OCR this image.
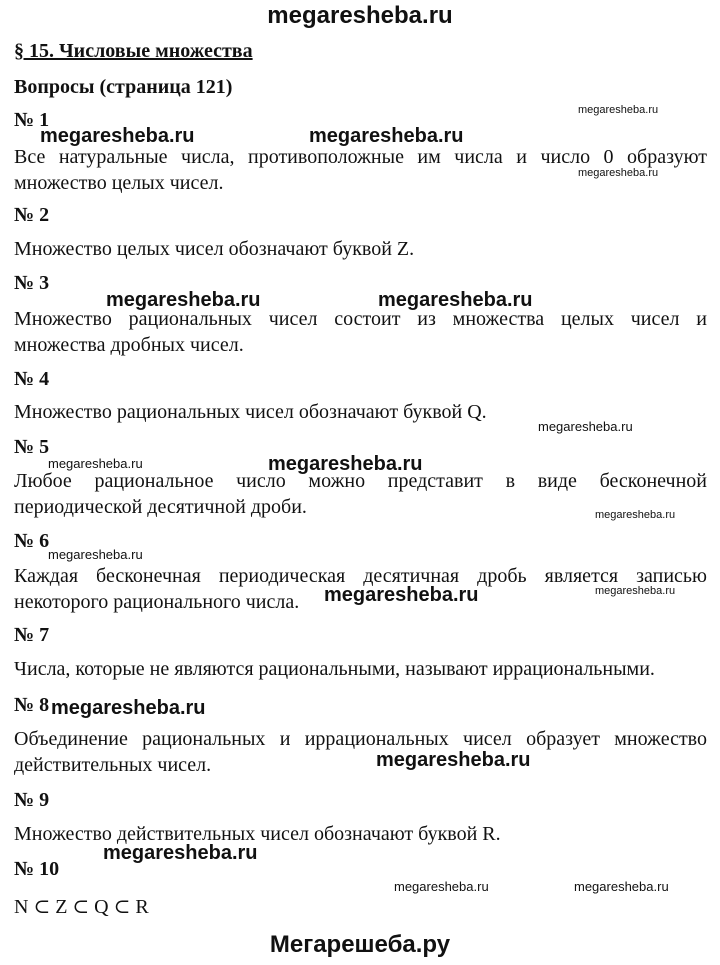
megaresheba.ru
§ 15. Числовые множества
Вопросы (страница 121)
№ 1

Все натуральные числа, противоположные им числа и число 0 образуют множество целых чисел.

№ 2

Множество целых чисел обозначают буквой Z.

№ 3

Множество рациональных чисел состоит из множества целых чисел и множества дробных чисел.

№ 4

Множество рациональных чисел обозначают буквой Q.

№ 5

Любое рациональное число можно представит в виде бесконечной периодической десятичной дроби.

№ 6

Каждая бесконечная периодическая десятичная дробь является записью некоторого рационального числа.

№ 7

Числа, которые не являются рациональными, называют иррациональными.

№ 8

Объединение рациональных и иррациональных чисел образует множество действительных чисел.

№ 9

Множество действительных чисел обозначают буквой R.

№ 10

N ⊂ Z ⊂ Q ⊂ R

megaresheba.ru	megaresheba.ru
megaresheba.ru
megaresheba.ru
megaresheba.ru	megaresheba.ru
megaresheba.ru
megaresheba.ru	megaresheba.ru
megaresheba.ru
megaresheba.ru
megaresheba.ru
megaresheba.ru
megaresheba.ru
megaresheba.ru
megaresheba.ru
megaresheba.ru	megaresheba.ru
Мегарешеба.ру
